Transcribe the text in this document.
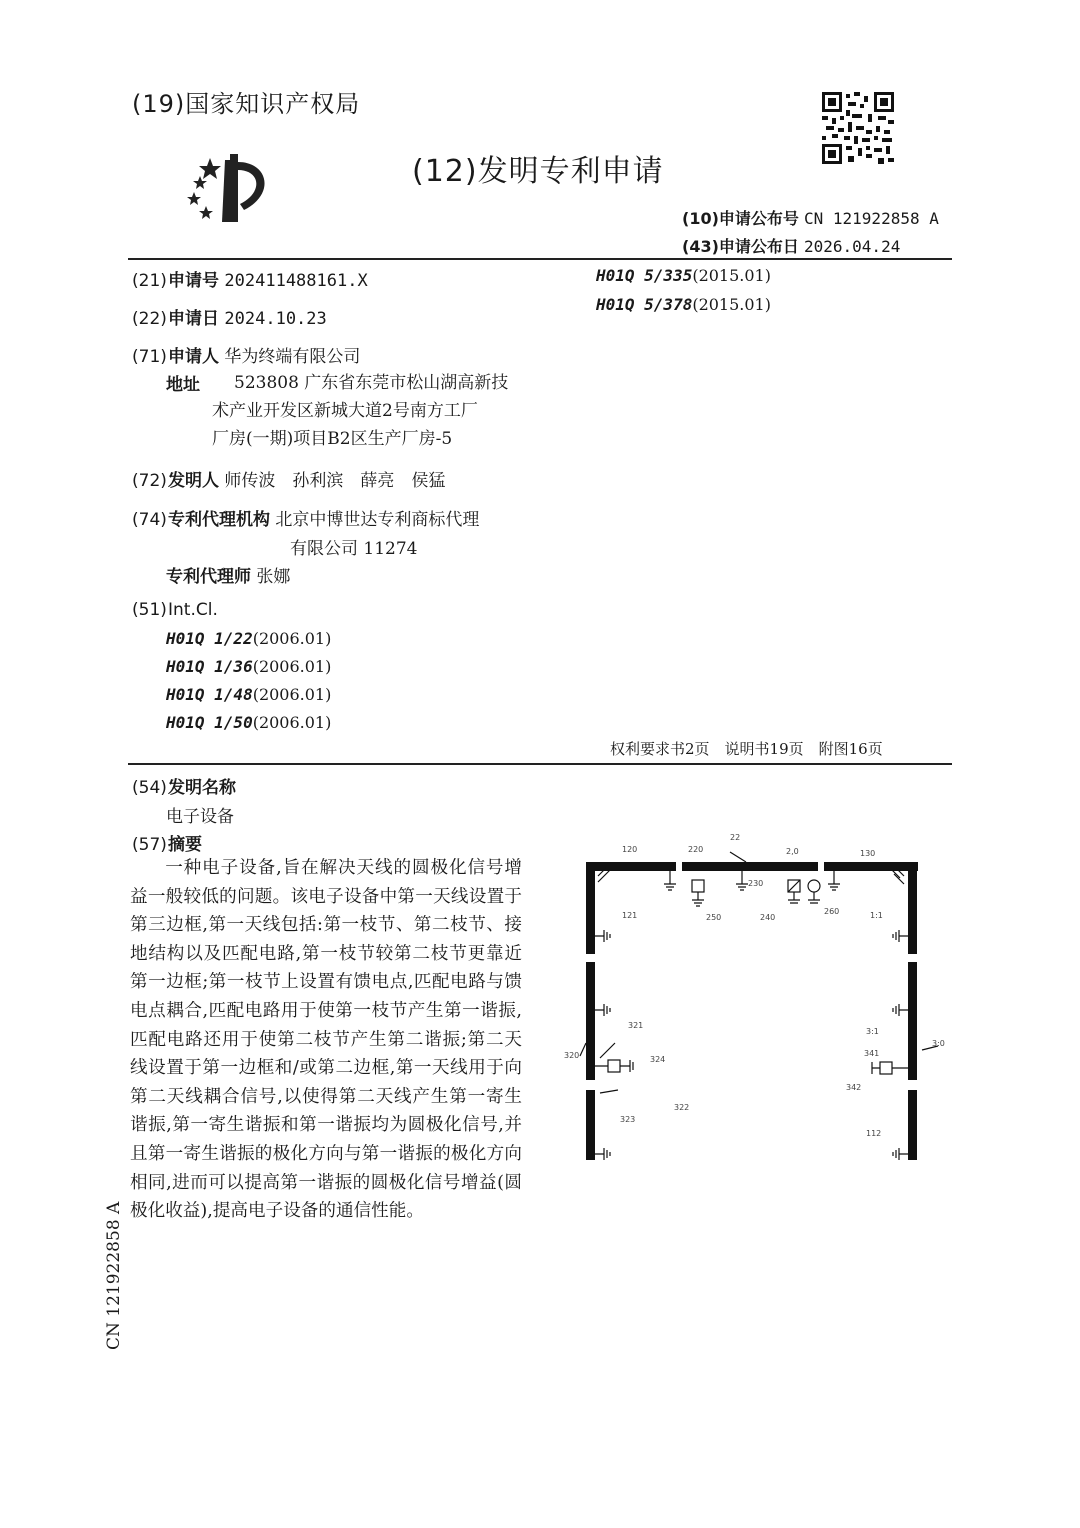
(19)国家知识产权局
(12)发明专利申请
(10)申请公布号 CN 121922858 A
(43)申请公布日 2026.04.24
(21)申请号 202411488161.X
(22)申请日 2024.10.23
(71)申请人 华为终端有限公司
地址	523808 广东省东莞市松山湖高新技
术产业开发区新城大道2号南方工厂
厂房(一期)项目B2区生产厂房-5
(72)发明人 师传波　孙利滨　薛亮　侯猛
(74)专利代理机构 北京中博世达专利商标代理
有限公司 11274
专利代理师 张娜
(51)Int.Cl.
H01Q 1/22(2006.01)
H01Q 1/36(2006.01)
H01Q 1/48(2006.01)
H01Q 1/50(2006.01)
H01Q 5/335(2015.01)
H01Q 5/378(2015.01)
权利要求书2页　说明书19页　附图16页
(54)发明名称
电子设备
(57)摘要
一种电子设备,旨在解决天线的圆极化信号增益一般较低的问题。该电子设备中第一天线设置于第三边框,第一天线包括:第一枝节、第二枝节、接地结构以及匹配电路,第一枝节较第二枝节更靠近第一边框;第一枝节上设置有馈电点,匹配电路与馈电点耦合,匹配电路用于使第一枝节产生第一谐振,匹配电路还用于使第二枝节产生第二谐振;第二天线设置于第一边框和/或第二边框,第一天线用于向第二天线耦合信号,以使得第二天线产生第一寄生谐振,第一寄生谐振和第一谐振均为圆极化信号,并且第一寄生谐振的极化方向与第一谐振的极化方向相同,进而可以提高第一谐振的圆极化信号增益(圆极化收益),提高电子设备的通信性能。
CN 121922858 A
120	220
22
2,0	130
230
250	240
260
121	1:1
321
320	324
322
323
3:1
3:0
341
342
112
